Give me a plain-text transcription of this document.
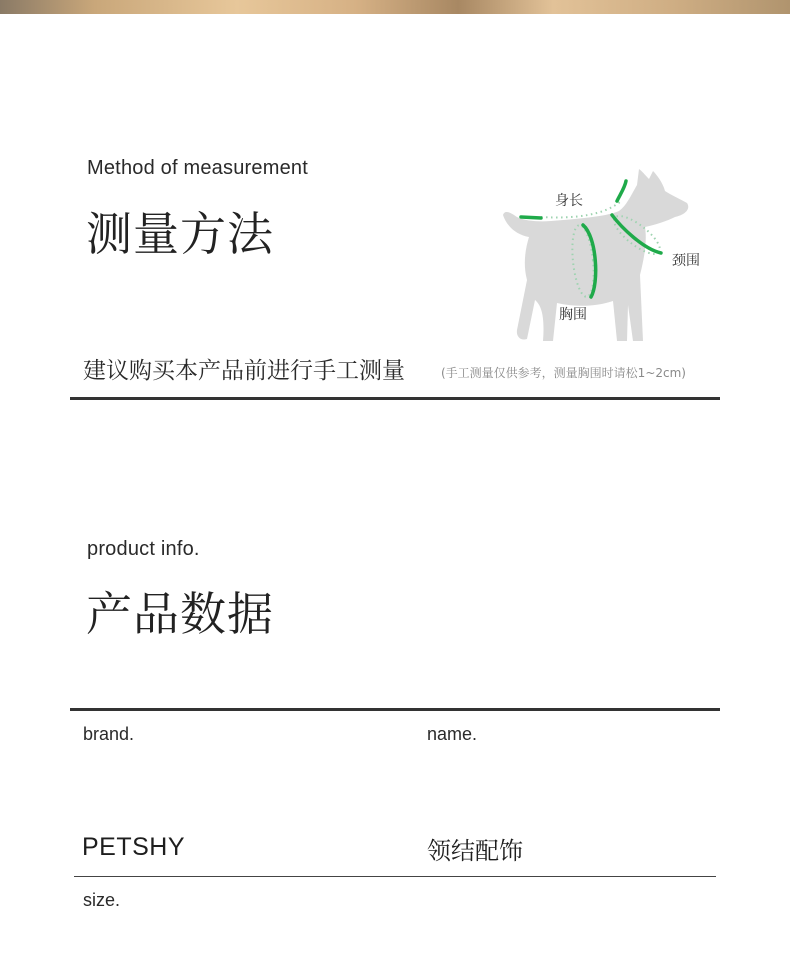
Method of measurement
测量方法
身长
颈围
胸围
建议购买本产品前进行手工测量	(手工测量仅供参考，测量胸围时请松1~2cm)
product info.
产品数据
brand.	name.
PETSHY	领结配饰
size.
